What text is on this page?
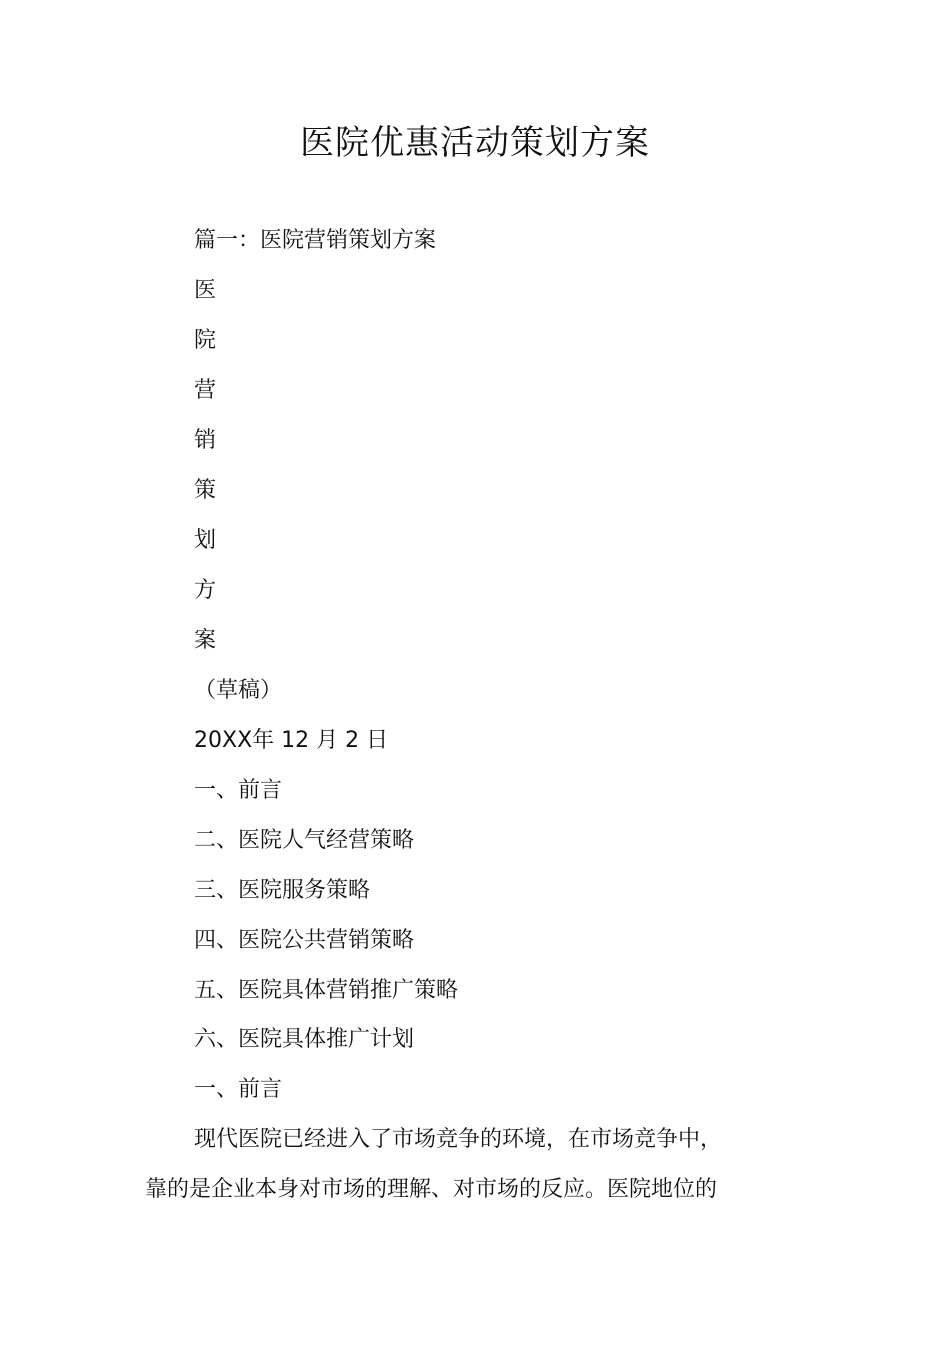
医院优惠活动策划方案
篇一：医院营销策划方案
医
院
营
销
策
划
方
案
（草稿）
20XX年 12 月 2 日
一、前言
二、医院人气经营策略
三、医院服务策略
四、医院公共营销策略
五、医院具体营销推广策略
六、医院具体推广计划
一、前言
现代医院已经进入了市场竞争的环境，在市场竞争中，
靠的是企业本身对市场的理解、对市场的反应。医院地位的
